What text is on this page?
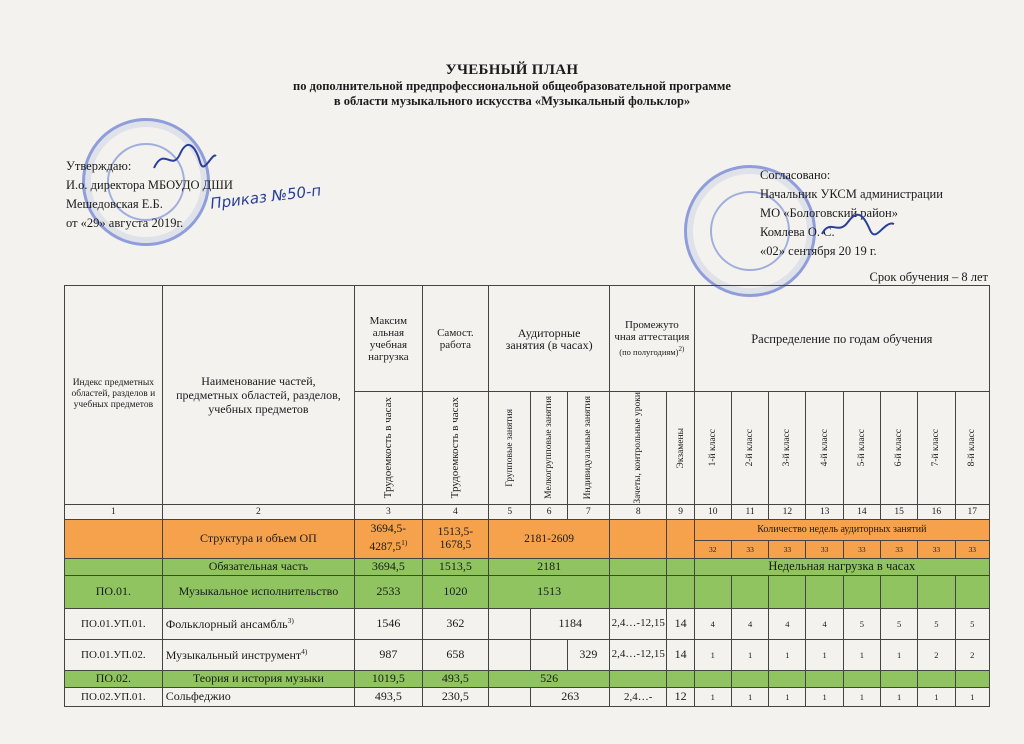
УЧЕБНЫЙ ПЛАН
по дополнительной предпрофессиональной общеобразовательной программе
в области музыкального искусства «Музыкальный фольклор»
Утверждаю:
И.о. директора МБОУДО ДШИ
Мешедовская Е.Б.
от «29» августа 2019г.
Приказ №50-п
Согласовано:
Начальник УКСМ администрации
МО «Бологовский район»
Комлева О. С.
«02» сентября 20 19 г.
Срок обучения – 8 лет
Индекс предметных областей, разделов и учебных предметов	Наименование частей, предметных областей, разделов, учебных предметов	Максим альная учебная нагрузка	Самост. работа	Аудиторные занятия (в часах)			Промежуто чная аттестация
(по полугодиям)$^{2)}$		Распределение по годам обучения							

		Трудоемкость в часах	Трудоемкость в часах	Групповые занятия	Мелкогрупповые занятия	Индивидуальные занятия	Зачеты, контрольные уроки	Экзамены	1-й класс	2-й класс	3-й класс	4-й класс	5-й класс	6-й класс	7-й класс	8-й класс

1	2	3	4	5	6	7	8	9	10	11	12	13	14	15	16	17
	Структура и объем ОП	3694,5-4287,5$^{1)}$	1513,5-1678,5	2181-2609					Количество недель аудиторных занятий							
									32	33	33	33	33	33	33	33
	Обязательная часть	3694,5	1513,5	2181					Недельная нагрузка в часах							
ПО.01.	Музыкальное исполнительство	2533	1020	1513												
ПО.01.УП.01.	Фольклорный ансамбль$^{3)}$	1546	362		1184		2,4…-12,15	14	4	4	4	4	5	5	5	5
ПО.01.УП.02.	Музыкальный инструмент$^{4)}$	987	658			329	2,4…-12,15	14	1	1	1	1	1	1	2	2
ПО.02.	Теория и история музыки	1019,5	493,5	526												
ПО.02.УП.01.	Сольфеджио	493,5	230,5		263		2,4…-	12	1	1	1	1	1	1	1	1
